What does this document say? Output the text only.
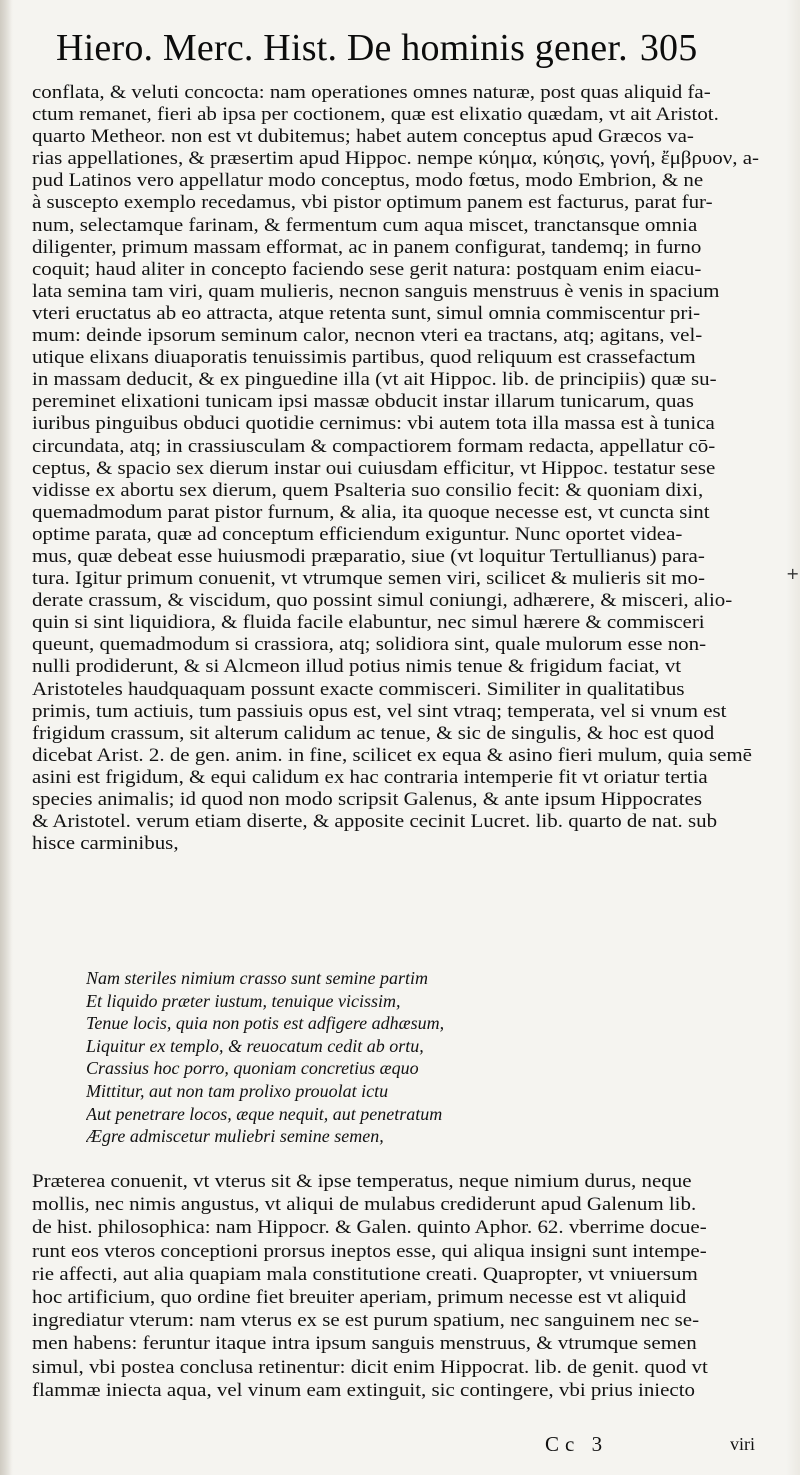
Hiero. Merc. Hist. De hominis gener. 305
conflata, & veluti concocta: nam operationes omnes naturæ, post quas aliquid fa-
ctum remanet, fieri ab ipsa per coctionem, quæ est elixatio quædam, vt ait Aristot.
quarto Metheor. non est vt dubitemus; habet autem conceptus apud Græcos va-
rias appellationes, & præsertim apud Hippoc. nempe κύημα, κύησις, γονή, ἔμβρυον, a-
pud Latinos vero appellatur modo conceptus, modo fœtus, modo Embrion, & ne
à suscepto exemplo recedamus, vbi pistor optimum panem est facturus, parat fur-
num, selectamque farinam, & fermentum cum aqua miscet, tranctansque omnia
diligenter, primum massam efformat, ac in panem configurat, tandemq; in furno
coquit; haud aliter in concepto faciendo sese gerit natura: postquam enim eiacu-
lata semina tam viri, quam mulieris, necnon sanguis menstruus è venis in spacium
vteri eructatus ab eo attracta, atque retenta sunt, simul omnia commiscentur pri-
mum: deinde ipsorum seminum calor, necnon vteri ea tractans, atq; agitans, vel-
utique elixans diuaporatis tenuissimis partibus, quod reliquum est crassefactum
in massam deducit, & ex pinguedine illa (vt ait Hippoc. lib. de principiis) quæ su-
pereminet elixationi tunicam ipsi massæ obducit instar illarum tunicarum, quas
iuribus pinguibus obduci quotidie cernimus: vbi autem tota illa massa est à tunica
circundata, atq; in crassiusculam & compactiorem formam redacta, appellatur cō-
ceptus, & spacio sex dierum instar oui cuiusdam efficitur, vt Hippoc. testatur sese
vidisse ex abortu sex dierum, quem Psalteria suo consilio fecit: & quoniam dixi,
quemadmodum parat pistor furnum, & alia, ita quoque necesse est, vt cuncta sint
optime parata, quæ ad conceptum efficiendum exiguntur. Nunc oportet videa-
mus, quæ debeat esse huiusmodi præparatio, siue (vt loquitur Tertullianus) para-
tura. Igitur primum conuenit, vt vtrumque semen viri, scilicet & mulieris sit mo-
derate crassum, & viscidum, quo possint simul coniungi, adhærere, & misceri, alio-
quin si sint liquidiora, & fluida facile elabuntur, nec simul hærere & commisceri
queunt, quemadmodum si crassiora, atq; solidiora sint, quale mulorum esse non-
nulli prodiderunt, & si Alcmeon illud potius nimis tenue & frigidum faciat, vt
Aristoteles haudquaquam possunt exacte commisceri. Similiter in qualitatibus
primis, tum actiuis, tum passiuis opus est, vel sint vtraq; temperata, vel si vnum est
frigidum crassum, sit alterum calidum ac tenue, & sic de singulis, & hoc est quod
dicebat Arist. 2. de gen. anim. in fine, scilicet ex equa & asino fieri mulum, quia semē
asini est frigidum, & equi calidum ex hac contraria intemperie fit vt oriatur tertia
species animalis; id quod non modo scripsit Galenus, & ante ipsum Hippocrates
& Aristotel. verum etiam diserte, & apposite cecinit Lucret. lib. quarto de nat. sub
hisce carminibus,
Nam steriles nimium crasso sunt semine partim
Et liquido præter iustum, tenuique vicissim,
Tenue locis, quia non potis est adfigere adhæsum,
Liquitur ex templo, & reuocatum cedit ab ortu,
Crassius hoc porro, quoniam concretius æquo
Mittitur, aut non tam prolixo prouolat ictu
Aut penetrare locos, æque nequit, aut penetratum
Ægre admiscetur muliebri semine semen,
Præterea conuenit, vt vterus sit & ipse temperatus, neque nimium durus, neque
mollis, nec nimis angustus, vt aliqui de mulabus crediderunt apud Galenum lib.
de hist. philosophica: nam Hippocr. & Galen. quinto Aphor. 62. vberrime docue-
runt eos vteros conceptioni prorsus ineptos esse, qui aliqua insigni sunt intempe-
rie affecti, aut alia quapiam mala constitutione creati. Quapropter, vt vniuersum
hoc artificium, quo ordine fiet breuiter aperiam, primum necesse est vt aliquid
ingrediatur vterum: nam vterus ex se est purum spatium, nec sanguinem nec se-
men habens: feruntur itaque intra ipsum sanguis menstruus, & vtrumque semen
simul, vbi postea conclusa retinentur: dicit enim Hippocrat. lib. de genit. quod vt
flammæ iniecta aqua, vel vinum eam extinguit, sic contingere, vbi prius iniecto
+
Cc 3	viri
